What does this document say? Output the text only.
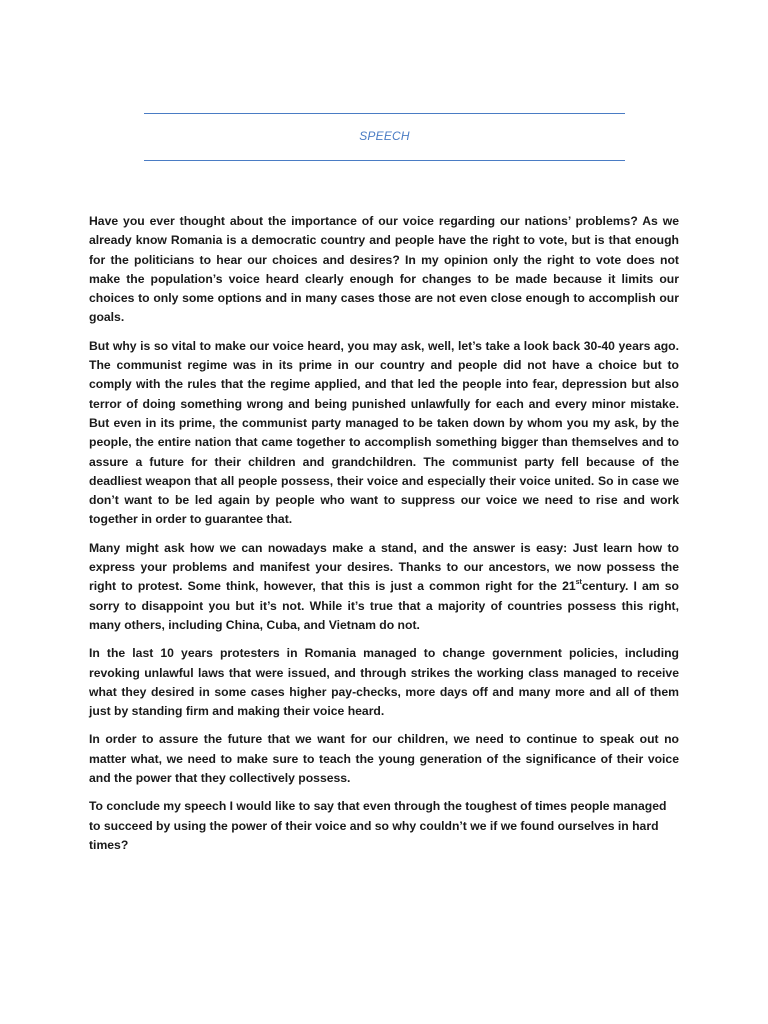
SPEECH

Have you ever thought about the importance of our voice regarding our nations’ problems? As we already know Romania is a democratic country and people have the right to vote, but is that enough for the politicians to hear our choices and desires? In my opinion only the right to vote does not make the population’s voice heard clearly enough for changes to be made because it limits our choices to only some options and in many cases those are not even close enough to accomplish our goals.

But why is so vital to make our voice heard, you may ask, well, let’s take a look back 30-40 years ago. The communist regime was in its prime in our country and people did not have a choice but to comply with the rules that the regime applied, and that led the people into fear, depression but also terror of doing something wrong and being punished unlawfully for each and every minor mistake. But even in its prime, the communist party managed to be taken down by whom you my ask, by the people, the entire nation that came together to accomplish something bigger than themselves and to assure a future for their children and grandchildren. The communist party fell because of the deadliest weapon that all people possess, their voice and especially their voice united. So in case we don’t want to be led again by people who want to suppress our voice we need to rise and work together in order to guarantee that.

Many might ask how we can nowadays make a stand, and the answer is easy: Just learn how to express your problems and manifest your desires. Thanks to our ancestors, we now possess the right to protest. Some think, however, that this is just a common right for the 21stcentury. I am so sorry to disappoint you but it’s not. While it’s true that a majority of countries possess this right, many others, including China, Cuba, and Vietnam do not.

In the last 10 years protesters in Romania managed to change government policies, including revoking unlawful laws that were issued, and through strikes the working class managed to receive what they desired in some cases higher pay-checks, more days off and many more and all of them just by standing firm and making their voice heard.

In order to assure the future that we want for our children, we need to continue to speak out no matter what, we need to make sure to teach the young generation of the significance of their voice and the power that they collectively possess.

To conclude my speech I would like to say that even through the toughest of times people managed to succeed by using the power of their voice and so why couldn’t we if we found ourselves in hard times?
